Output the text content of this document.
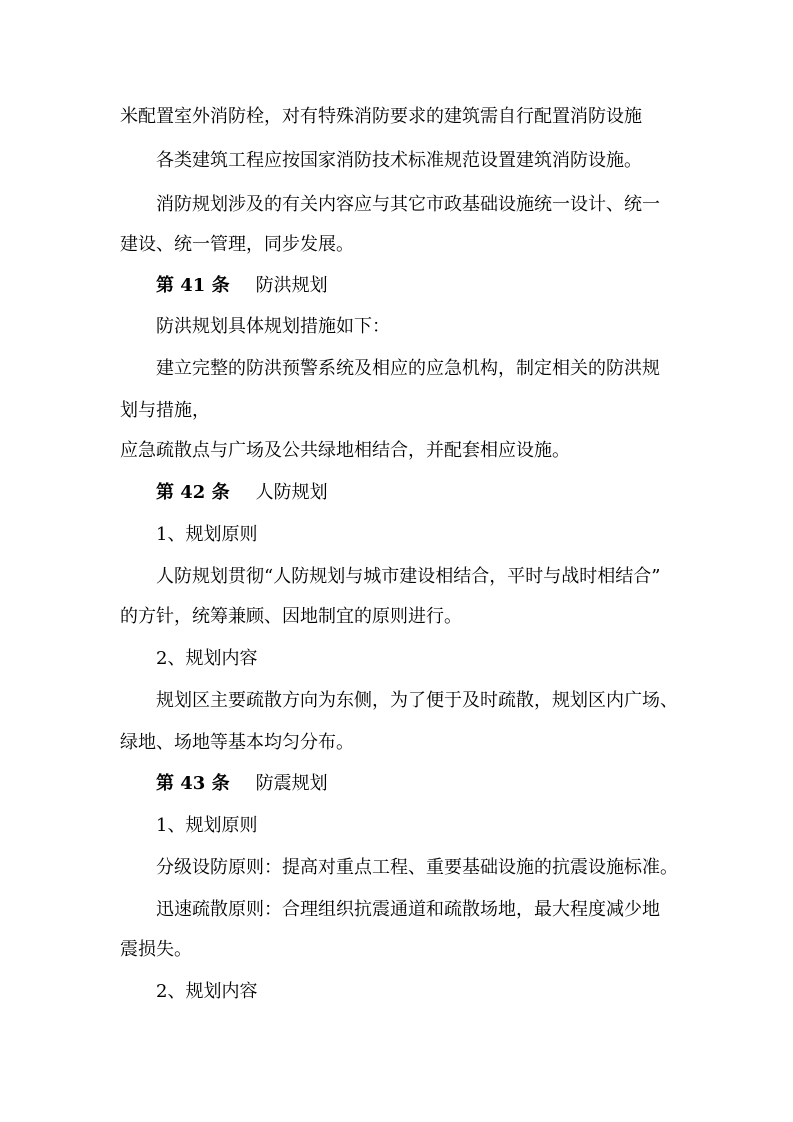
米配置室外消防栓，对有特殊消防要求的建筑需自行配置消防设施
各类建筑工程应按国家消防技术标准规范设置建筑消防设施。
消防规划涉及的有关内容应与其它市政基础设施统一设计、统一
建设、统一管理，同步发展。
第 41 条 防洪规划
防洪规划具体规划措施如下：
建立完整的防洪预警系统及相应的应急机构，制定相关的防洪规
划与措施，
应急疏散点与广场及公共绿地相结合，并配套相应设施。
第 42 条 人防规划
1、规划原则
人防规划贯彻“人防规划与城市建设相结合，平时与战时相结合”
的方针，统筹兼顾、因地制宜的原则进行。
2、规划内容
规划区主要疏散方向为东侧，为了便于及时疏散，规划区内广场、
绿地、场地等基本均匀分布。
第 43 条 防震规划
1、规划原则
分级设防原则：提高对重点工程、重要基础设施的抗震设施标准。
迅速疏散原则：合理组织抗震通道和疏散场地，最大程度减少地
震损失。
2、规划内容
